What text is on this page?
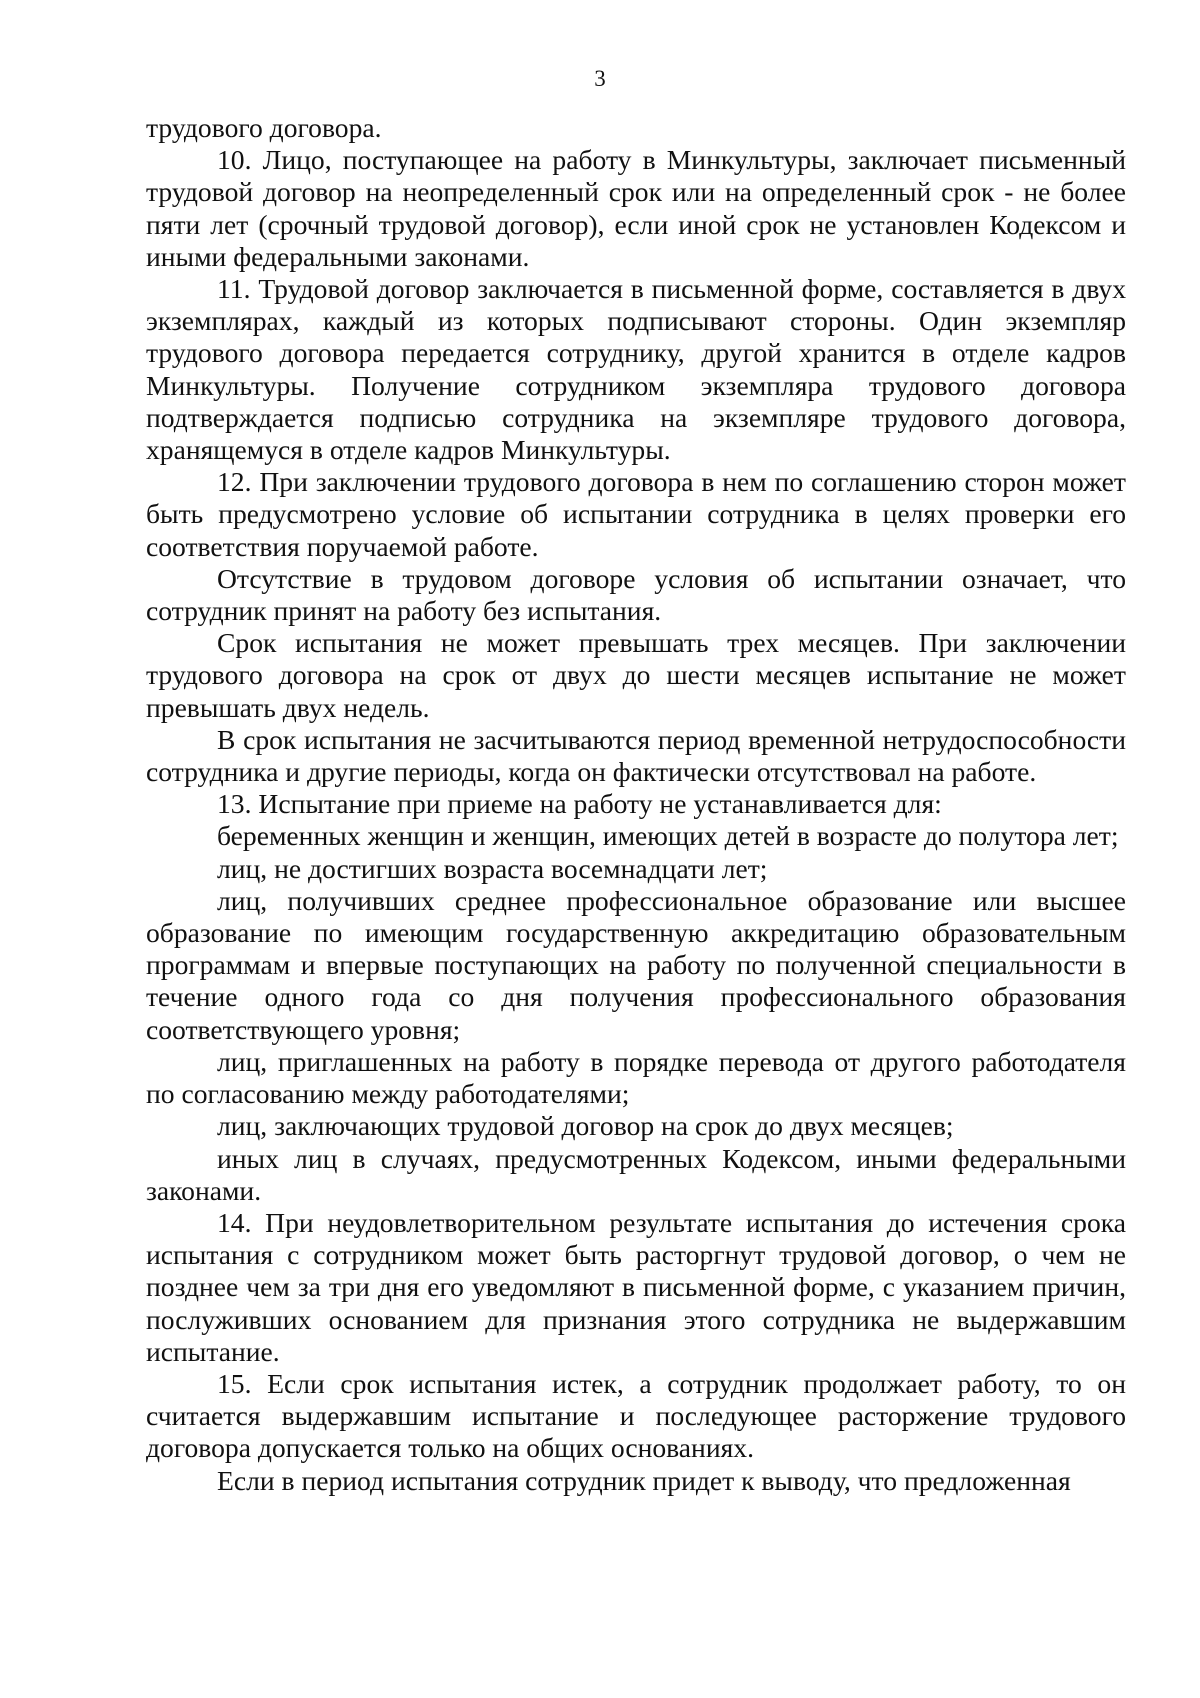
3

трудового договора.

10. Лицо, поступающее на работу в Минкультуры, заключает письменный трудовой договор на неопределенный срок или на определенный срок - не более пяти лет (срочный трудовой договор), если иной срок не установлен Кодексом и иными федеральными законами.

11. Трудовой договор заключается в письменной форме, составляется в двух экземплярах, каждый из которых подписывают стороны. Один экземпляр трудового договора передается сотруднику, другой хранится в отделе кадров Минкультуры. Получение сотрудником экземпляра трудового договора подтверждается подписью сотрудника на экземпляре трудового договора, хранящемуся в отделе кадров Минкультуры.

12. При заключении трудового договора в нем по соглашению сторон может быть предусмотрено условие об испытании сотрудника в целях проверки его соответствия поручаемой работе.

Отсутствие в трудовом договоре условия об испытании означает, что сотрудник принят на работу без испытания.

Срок испытания не может превышать трех месяцев. При заключении трудового договора на срок от двух до шести месяцев испытание не может превышать двух недель.

В срок испытания не засчитываются период временной нетрудоспособности сотрудника и другие периоды, когда он фактически отсутствовал на работе.

13. Испытание при приеме на работу не устанавливается для:

беременных женщин и женщин, имеющих детей в возрасте до полутора лет;

лиц, не достигших возраста восемнадцати лет;

лиц, получивших среднее профессиональное образование или высшее образование по имеющим государственную аккредитацию образовательным программам и впервые поступающих на работу по полученной специальности в течение одного года со дня получения профессионального образования соответствующего уровня;

лиц, приглашенных на работу в порядке перевода от другого работодателя по согласованию между работодателями;

лиц, заключающих трудовой договор на срок до двух месяцев;

иных лиц в случаях, предусмотренных Кодексом, иными федеральными законами.

14. При неудовлетворительном результате испытания до истечения срока испытания с сотрудником может быть расторгнут трудовой договор, о чем не позднее чем за три дня его уведомляют в письменной форме, с указанием причин, послуживших основанием для признания этого сотрудника не выдержавшим испытание.

15. Если срок испытания истек, а сотрудник продолжает работу, то он считается выдержавшим испытание и последующее расторжение трудового договора допускается только на общих основаниях.

Если в период испытания сотрудник придет к выводу, что предложенная
